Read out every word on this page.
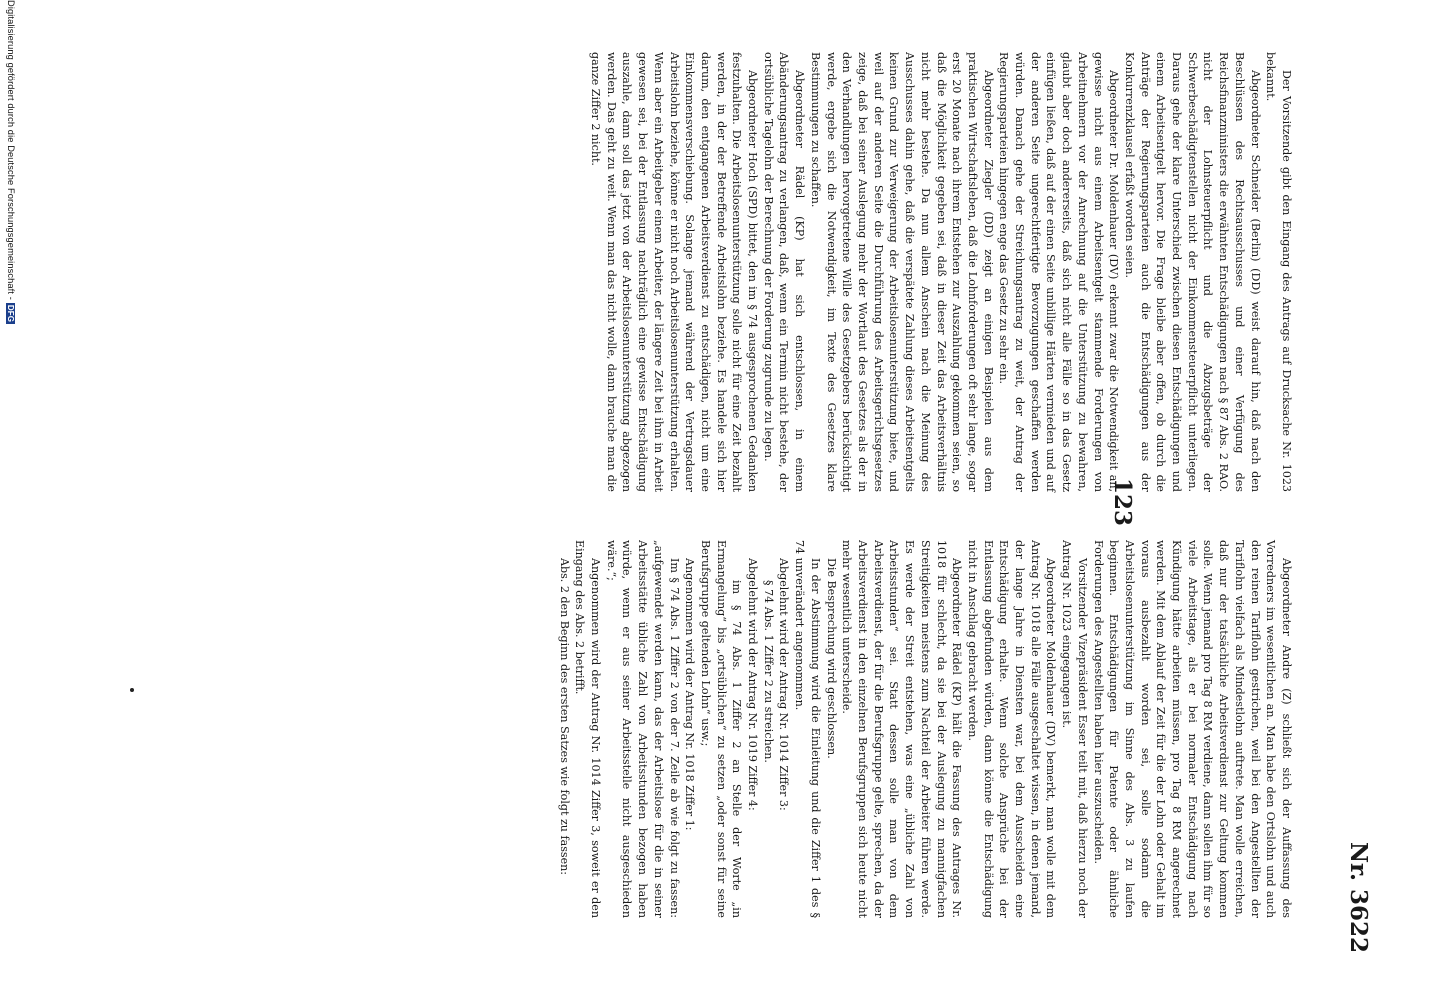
123
Nr. 3622

Der Vorsitzende gibt den Eingang des Antrags auf Drucksache Nr. 1023 bekannt.

Abgeordneter Schneider (Berlin) (DD) weist darauf hin, daß nach den Beschlüssen des Rechtsausschusses und einer Verfügung des Reichsfinanzministers die erwähnten Entschädigungen nach § 87 Abs. 2 RAO. nicht der Lohnsteuerpflicht und die Abzugsbeträge der Schwerbeschädigtenstellen nicht der Einkommensteuerpflicht unterliegen. Daraus gehe der klare Unterschied zwischen diesen Entschädigungen und einem Arbeitsentgelt hervor. Die Frage bleibe aber offen, ob durch die Anträge der Regierungsparteien auch die Entschädigungen aus der Konkurrenzklausel erfaßt worden seien.

Abgeordneter Dr. Moldenhauer (DV) erkennt zwar die Notwendigkeit an, gewisse nicht aus einem Arbeitsentgelt stammende Forderungen von Arbeitnehmern vor der Anrechnung auf die Unterstützung zu bewahren, glaubt aber doch andererseits, daß sich nicht alle Fälle so in das Gesetz einfügen ließen, daß auf der einen Seite unbillige Härten vermieden und auf der anderen Seite ungerechtfertigte Bevorzugungen geschaffen werden würden. Danach gehe der Streichungsantrag zu weit, der Antrag der Regierungsparteien hingegen enge das Gesetz zu sehr ein.

Abgeordneter Ziegler (DD) zeigt an einigen Beispielen aus dem praktischen Wirtschaftsleben, daß die Lohnforderungen oft sehr lange, sogar erst 20 Monate nach ihrem Entstehen zur Auszahlung gekommen seien, so daß die Möglichkeit gegeben sei, daß in dieser Zeit das Arbeitsverhältnis nicht mehr bestehe. Da nun allem Anschein nach die Meinung des Ausschusses dahin gehe, daß die verspätete Zahlung dieses Arbeitsentgelts keinen Grund zur Verweigerung der Arbeitslosenunterstützung biete, und weil auf der anderen Seite die Durchführung des Arbeitsgerichtsgesetzes zeige, daß bei seiner Auslegung mehr der Wortlaut des Gesetzes als der in den Verhandlungen hervorgetretene Wille des Gesetzgebers berücksichtigt werde, ergebe sich die Notwendigkeit, im Texte des Gesetzes klare Bestimmungen zu schaffen.

Abgeordneter Rädel (KP) hat sich entschlossen, in einem Abänderungsantrag zu verlangen, daß, wenn ein Termin nicht bestehe, der ortsübliche Tagelohn der Berechnung der Forderung zugrunde zu legen.

Abgeordneter Hoch (SPD) bittet, den im § 74 ausgesprochenen Gedanken festzuhalten. Die Arbeitslosenunterstützung solle nicht für eine Zeit bezahlt werden, in der der Betreffende Arbeitslohn beziehe. Es handele sich hier darum, den entgangenen Arbeitsverdienst zu entschädigen, nicht um eine Einkommensverschiebung. Solange jemand während der Vertragsdauer Arbeitslohn beziehe, könne er nicht noch Arbeitslosenunterstützung erhalten. Wenn aber ein Arbeitgeber einem Arbeiter, der längere Zeit bei ihm in Arbeit gewesen sei, bei der Entlassung nachträglich eine gewisse Entschädigung auszahle, dann soll das jetzt von der Arbeitslosenunterstützung abgezogen werden. Das geht zu weit. Wenn man das nicht wolle, dann brauche man die ganze Ziffer 2 nicht.

Abgeordneter Andre (Z) schließt sich der Auffassung des Vorredners im wesentlichen an. Man habe den Ortslohn und auch den reinen Tariflohn gestrichen, weil bei den Angestellten der Tariflohn vielfach als Mindestlohn auftrete. Man wolle erreichen, daß nur der tatsächliche Arbeitsverdienst zur Geltung kommen solle. Wenn jemand pro Tag 8 RM verdiene, dann sollen ihm für so viele Arbeitstage, als er bei normaler Entschädigung nach Kündigung hätte arbeiten müssen, pro Tag 8 RM angerechnet werden. Mit dem Ablauf der Zeit für die der Lohn oder Gehalt im voraus ausbezahlt worden sei, solle sodann die Arbeitslosenunterstützung im Sinne des Abs. 3 zu laufen beginnen. Entschädigungen für Patente oder ähnliche Forderungen des Angestellten haben hier auszuscheiden.

Vorsitzender Vizepräsident Esser teilt mit, daß hierzu noch der Antrag Nr. 1023 eingegangen ist.

Abgeordneter Moldenhauer (DV) bemerkt, man wolle mit dem Antrag Nr. 1018 alle Fälle ausgeschaltet wissen, in denen jemand, der lange Jahre in Diensten war, bei dem Ausscheiden eine Entschädigung erhalte. Wenn solche Ansprüche bei der Entlassung abgefunden würden, dann könne die Entschädigung nicht in Anschlag gebracht werden.

Abgeordneter Rädel (KP) hält die Fassung des Antrages Nr. 1018 für schlecht, da sie bei der Auslegung zu mannigfachen Streitigkeiten meistens zum Nachteil der Arbeiter führen werde. Es werde der Streit entstehen, was eine „übliche Zahl von Arbeitsstunden“ sei. Statt dessen solle man von dem Arbeitsverdienst, der für die Berufsgruppe gelte, sprechen, da der Arbeitsverdienst in den einzelnen Berufsgruppen sich heute nicht mehr wesentlich unterscheide.

Die Besprechung wird geschlossen.

In der Abstimmung wird die Einleitung und die Ziffer 1 des § 74 unverändert angenommen.

Abgelehnt wird der Antrag Nr. 1014 Ziffer 3:

§ 74 Abs. 1 Ziffer 2 zu streichen.

Abgelehnt wird der Antrag Nr. 1019 Ziffer 4:

im § 74 Abs. 1 Ziffer 2 an Stelle der Worte „in Ermangelung“ bis „ortsüblichen“ zu setzen „oder sonst für seine Berufsgruppe geltenden Lohn“ usw.;

Angenommen wird der Antrag Nr. 1018 Ziffer 1:

Im § 74 Abs. 1 Ziffer 2 von der 7. Zeile ab wie folgt zu fassen: „aufgewendet werden kann, das der Arbeitslose für die in seiner Arbeitsstätte übliche Zahl von Arbeitsstunden bezogen haben würde, wenn er aus seiner Arbeitsstelle nicht ausgeschieden wäre.“;

Angenommen wird der Antrag Nr. 1014 Ziffer 3, soweit er den Eingang des Abs. 2 betrifft.

Abs. 2 den Beginn des ersten Satzes wie folgt zu fassen:

Digitalisierung gefördert durch die Deutsche Forschungsgemeinschaft -DFG
